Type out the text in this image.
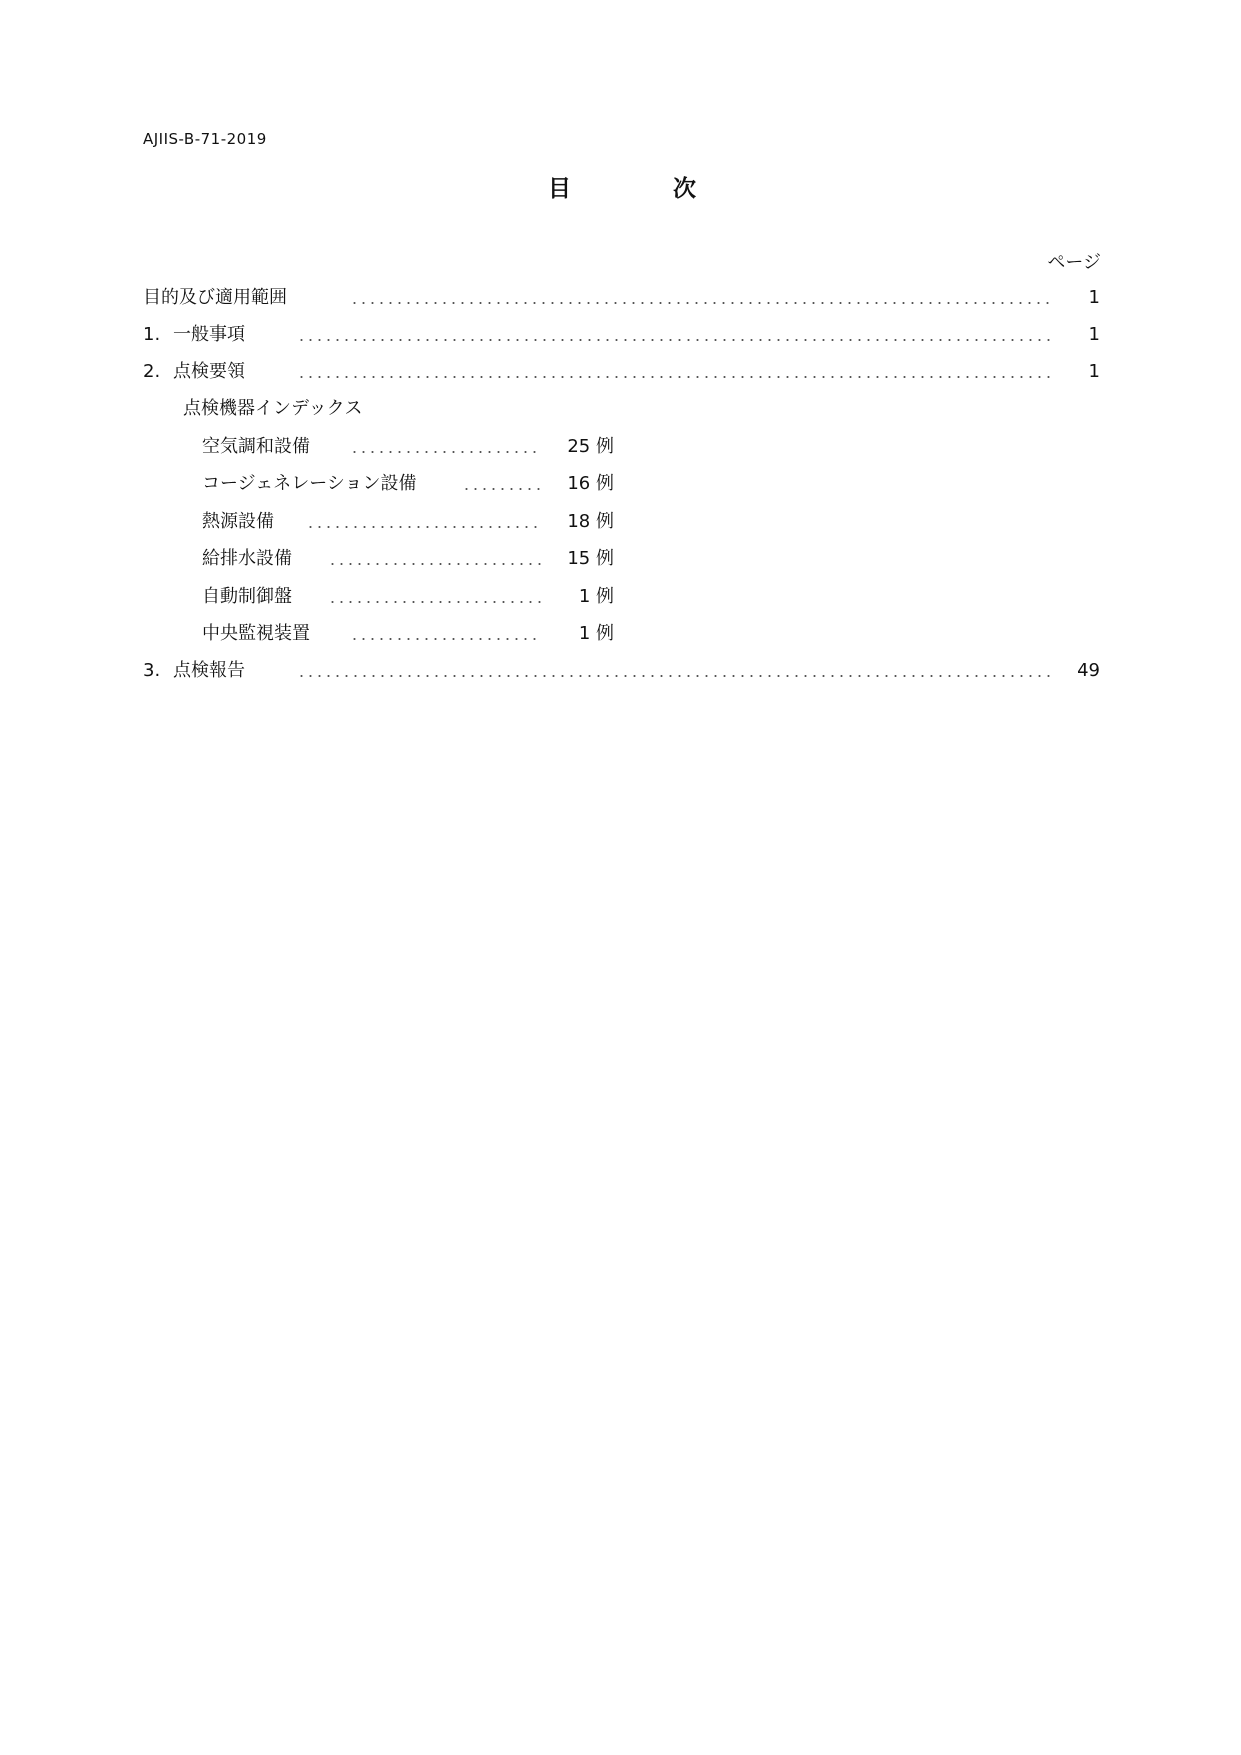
AJIIS-B-71-2019
目	次
ページ
目的及び適用範囲	1
1. 一般事項	1
2. 点検要領	1
点検機器インデックス
空気調和設備	25 例
コージェネレーション設備	16 例
熱源設備	18 例
給排水設備	15 例
自動制御盤	1 例
中央監視装置	1 例
3. 点検報告	49
